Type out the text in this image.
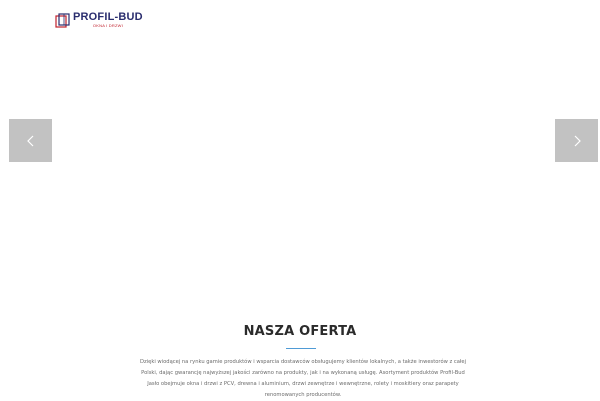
PROFIL-BUD
OKNA I DRZWI
NASZA OFERTA

Dzięki wiodącej na rynku gamie produktów i wsparcia dostawców obsługujemy klientów lokalnych, a także inwestorów z całej Polski, dając gwarancję najwyższej jakości zarówno na produkty, jak i na wykonaną usługę. Asortyment produktów Profil-Bud Jasło obejmuje okna i drzwi z PCV, drewna i aluminium, drzwi zewnętrze i wewnętrzne, rolety i moskitiery oraz parapety renomowanych producentów.
